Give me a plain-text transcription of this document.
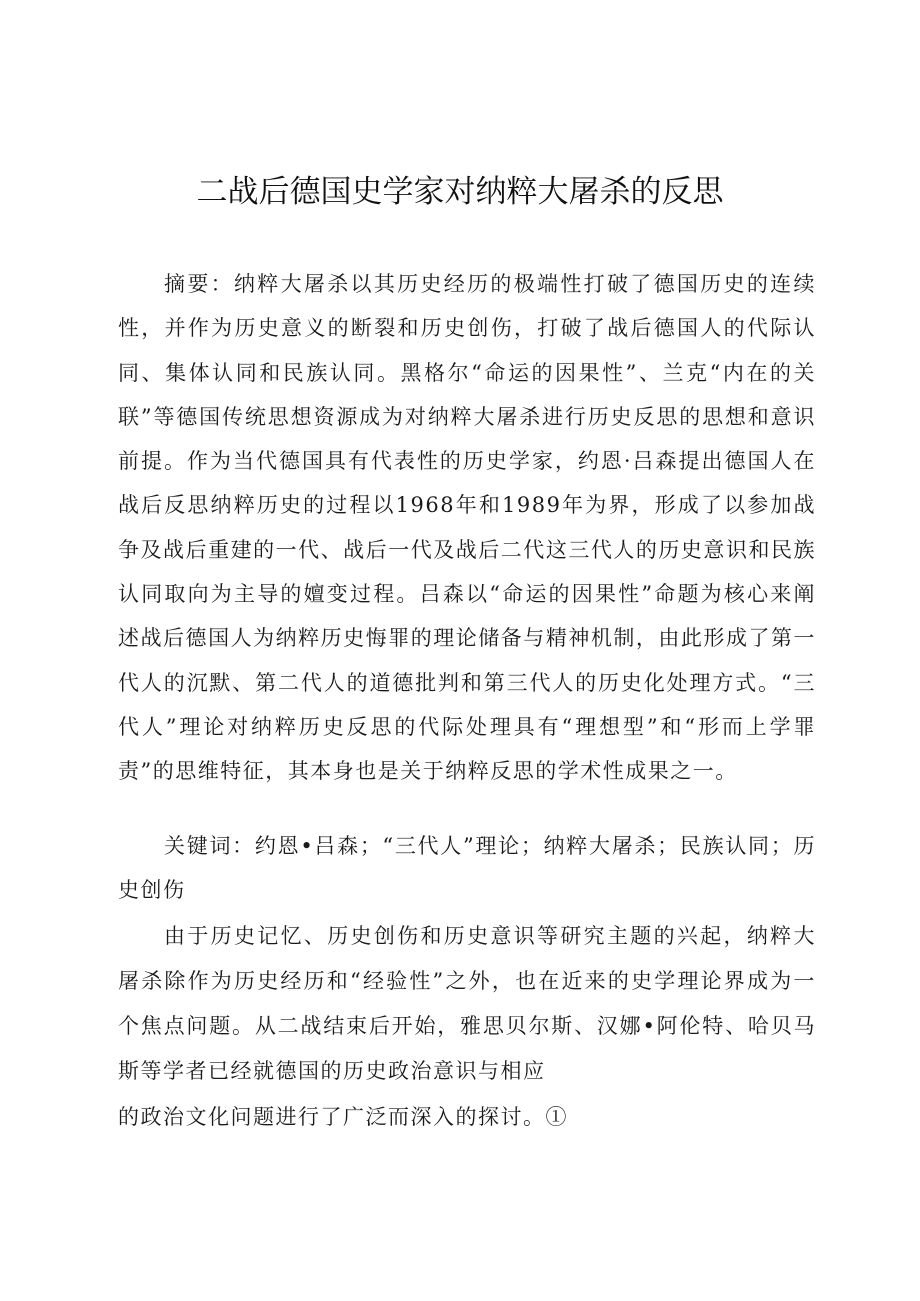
二战后德国史学家对纳粹大屠杀的反思
摘要：纳粹大屠杀以其历史经历的极端性打破了德国历史的连续性，并作为历史意义的断裂和历史创伤，打破了战后德国人的代际认同、集体认同和民族认同。黑格尔“命运的因果性”、兰克“内在的关联”等德国传统思想资源成为对纳粹大屠杀进行历史反思的思想和意识前提。作为当代德国具有代表性的历史学家，约恩·吕森提出德国人在战后反思纳粹历史的过程以1968年和1989年为界，形成了以参加战争及战后重建的一代、战后一代及战后二代这三代人的历史意识和民族认同取向为主导的嬗变过程。吕森以“命运的因果性”命题为核心来阐述战后德国人为纳粹历史悔罪的理论储备与精神机制，由此形成了第一代人的沉默、第二代人的道德批判和第三代人的历史化处理方式。“三代人”理论对纳粹历史反思的代际处理具有“理想型”和“形而上学罪责”的思维特征，其本身也是关于纳粹反思的学术性成果之一。
关键词：约恩•吕森；“三代人”理论；纳粹大屠杀；民族认同；历史创伤
由于历史记忆、历史创伤和历史意识等研究主题的兴起，纳粹大屠杀除作为历史经历和“经验性”之外，也在近来的史学理论界成为一个焦点问题。从二战结束后开始，雅思贝尔斯、汉娜•阿伦特、哈贝马斯等学者已经就德国的历史政治意识与相应
的政治文化问题进行了广泛而深入的探讨。①
